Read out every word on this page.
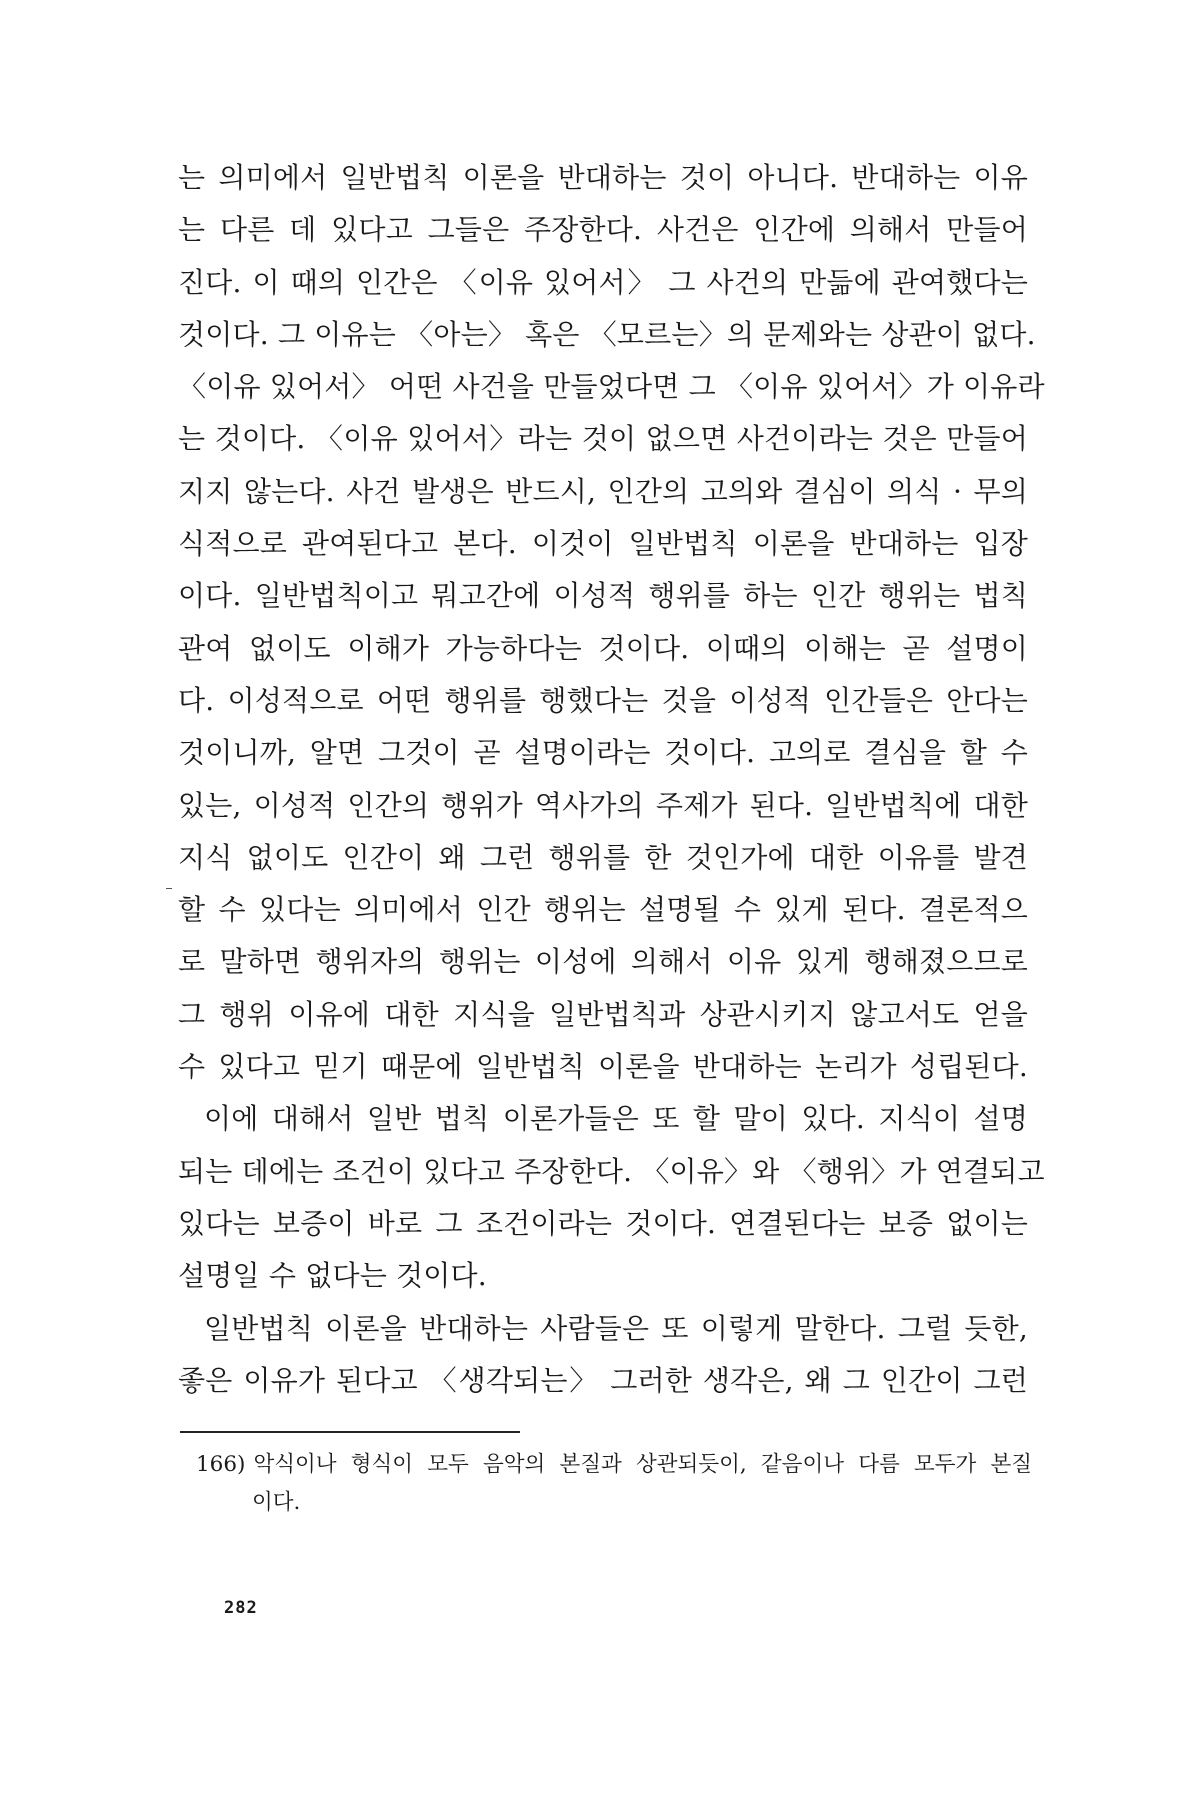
는 의미에서 일반법칙 이론을 반대하는 것이 아니다. 반대하는 이유
는 다른 데 있다고 그들은 주장한다. 사건은 인간에 의해서 만들어
진다. 이 때의 인간은 〈이유 있어서〉 그 사건의 만듦에 관여했다는
것이다. 그 이유는 〈아는〉 혹은 〈모르는〉의 문제와는 상관이 없다.
〈이유 있어서〉 어떤 사건을 만들었다면 그 〈이유 있어서〉가 이유라
는 것이다. 〈이유 있어서〉라는 것이 없으면 사건이라는 것은 만들어
지지 않는다. 사건 발생은 반드시, 인간의 고의와 결심이 의식 · 무의
식적으로 관여된다고 본다. 이것이 일반법칙 이론을 반대하는 입장
이다. 일반법칙이고 뭐고간에 이성적 행위를 하는 인간 행위는 법칙
관여 없이도 이해가 가능하다는 것이다. 이때의 이해는 곧 설명이
다. 이성적으로 어떤 행위를 행했다는 것을 이성적 인간들은 안다는
것이니까, 알면 그것이 곧 설명이라는 것이다. 고의로 결심을 할 수
있는, 이성적 인간의 행위가 역사가의 주제가 된다. 일반법칙에 대한
지식 없이도 인간이 왜 그런 행위를 한 것인가에 대한 이유를 발견
할 수 있다는 의미에서 인간 행위는 설명될 수 있게 된다. 결론적으
로 말하면 행위자의 행위는 이성에 의해서 이유 있게 행해졌으므로
그 행위 이유에 대한 지식을 일반법칙과 상관시키지 않고서도 얻을
수 있다고 믿기 때문에 일반법칙 이론을 반대하는 논리가 성립된다.
이에 대해서 일반 법칙 이론가들은 또 할 말이 있다. 지식이 설명
되는 데에는 조건이 있다고 주장한다. 〈이유〉와 〈행위〉가 연결되고
있다는 보증이 바로 그 조건이라는 것이다. 연결된다는 보증 없이는
설명일 수 없다는 것이다.
일반법칙 이론을 반대하는 사람들은 또 이렇게 말한다. 그럴 듯한,
좋은 이유가 된다고 〈생각되는〉 그러한 생각은, 왜 그 인간이 그런
166) 악식이나 형식이 모두 음악의 본질과 상관되듯이, 같음이나 다름 모두가 본질
이다.
282
